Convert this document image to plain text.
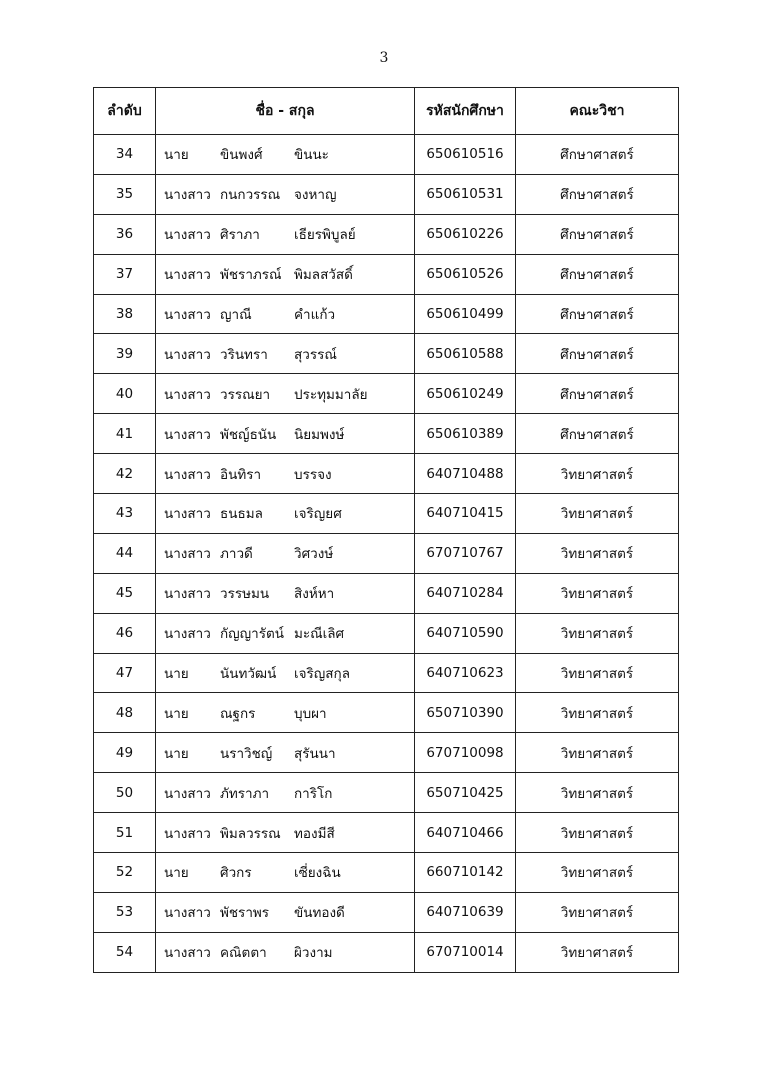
3
ลำดับ	ชื่อ - สกุล	รหัสนักศึกษา	คณะวิชา
34	นาย ขินพงศ์ ขินนะ	650610516	ศึกษาศาสตร์
35	นางสาว กนกวรรณ จงหาญ	650610531	ศึกษาศาสตร์
36	นางสาว ศิราภา เธียรพิบูลย์	650610226	ศึกษาศาสตร์
37	นางสาว พัชราภรณ์ พิมลสวัสดิ์	650610526	ศึกษาศาสตร์
38	นางสาว ญาณี คำแก้ว	650610499	ศึกษาศาสตร์
39	นางสาว วรินทรา สุวรรณ์	650610588	ศึกษาศาสตร์
40	นางสาว วรรณยา ประทุมมาลัย	650610249	ศึกษาศาสตร์
41	นางสาว พัชญ์ธนัน นิยมพงษ์	650610389	ศึกษาศาสตร์
42	นางสาว อินทิรา บรรจง	640710488	วิทยาศาสตร์
43	นางสาว ธนธมล เจริญยศ	640710415	วิทยาศาสตร์
44	นางสาว ภาวดี วิศวงษ์	670710767	วิทยาศาสตร์
45	นางสาว วรรษมน สิงห์หา	640710284	วิทยาศาสตร์
46	นางสาว กัญญารัตน์ มะณีเลิศ	640710590	วิทยาศาสตร์
47	นาย นันทวัฒน์ เจริญสกุล	640710623	วิทยาศาสตร์
48	นาย ณฐกร บุบผา	650710390	วิทยาศาสตร์
49	นาย นราวิชญ์ สุรันนา	670710098	วิทยาศาสตร์
50	นางสาว ภัทราภา การิโก	650710425	วิทยาศาสตร์
51	นางสาว พิมลวรรณ ทองมีสี	640710466	วิทยาศาสตร์
52	นาย ศิวกร เซี่ยงฉิน	660710142	วิทยาศาสตร์
53	นางสาว พัชราพร ขันทองดี	640710639	วิทยาศาสตร์
54	นางสาว คณิตตา ผิวงาม	670710014	วิทยาศาสตร์
